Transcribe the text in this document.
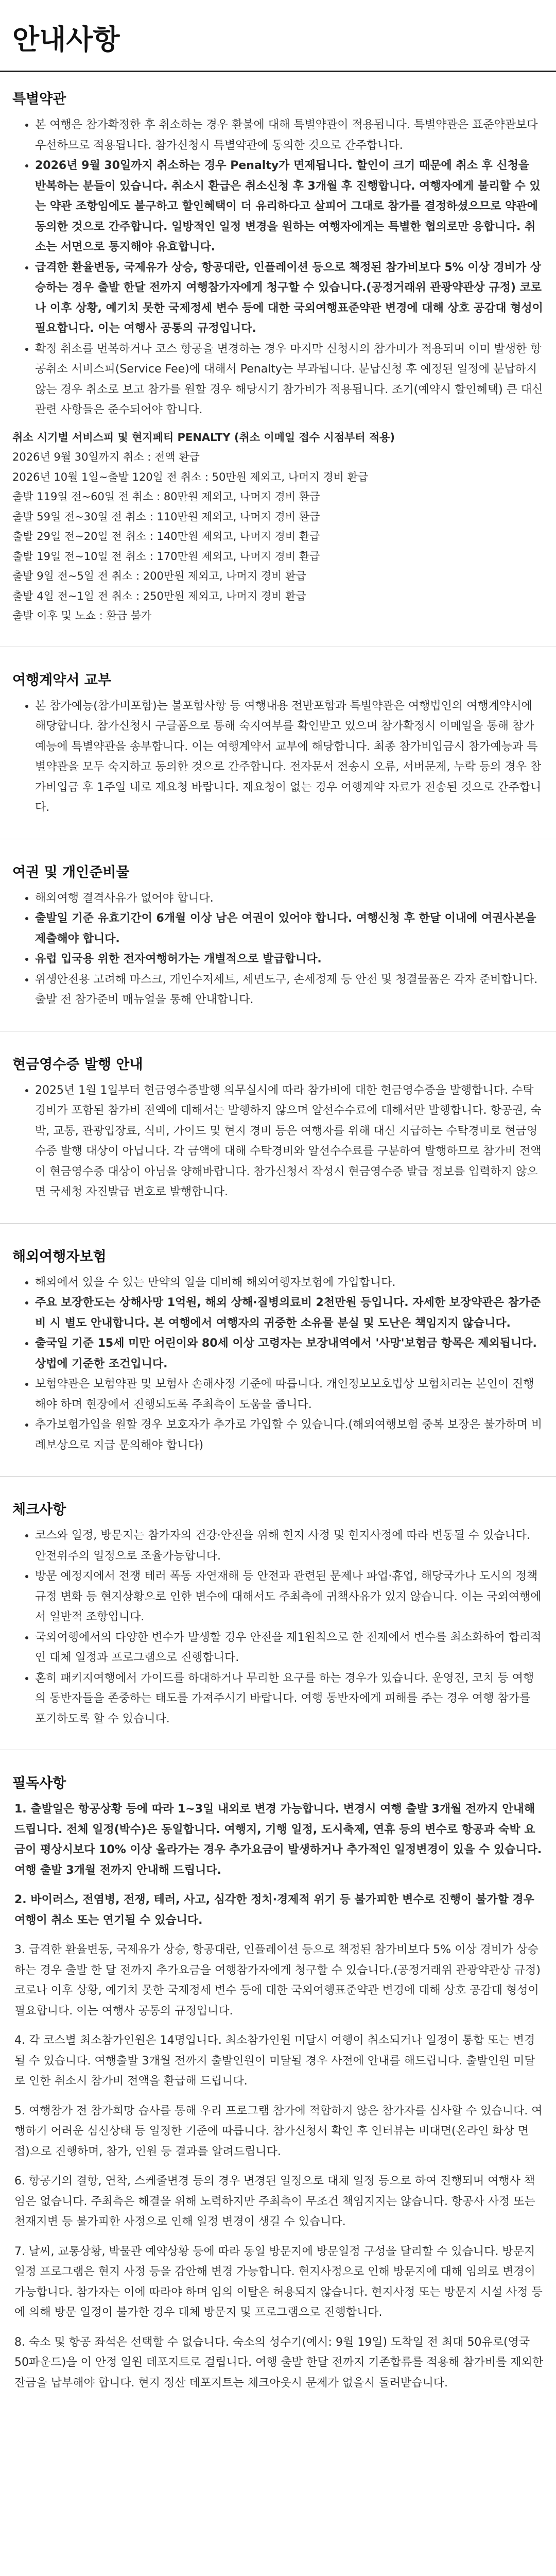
안내사항
특별약관
• 본 여행은 참가확정한 후 취소하는 경우 환불에 대해 특별약관이 적용됩니다. 특별약관은 표준약관보다 우선하므로 적용됩니다. 참가신청시 특별약관에 동의한 것으로 간주합니다.
• 2026년 9월 30일까지 취소하는 경우 Penalty가 면제됩니다. 할인이 크기 때문에 취소 후 신청을 반복하는 분들이 있습니다. 취소시 환급은 취소신청 후 3개월 후 진행합니다. 여행자에게 불리할 수 있는 약관 조항임에도 불구하고 할인혜택이 더 유리하다고 살피어 그대로 참가를 결정하셨으므로 약관에 동의한 것으로 간주합니다. 일방적인 일정 변경을 원하는 여행자에게는 특별한 협의로만 응합니다. 취소는 서면으로 통지해야 유효합니다.
• 급격한 환율변동, 국제유가 상승, 항공대란, 인플레이션 등으로 책정된 참가비보다 5% 이상 경비가 상승하는 경우 출발 한달 전까지 여행참가자에게 청구할 수 있습니다.(공정거래위 관광약관상 규정) 코로나 이후 상황, 예기치 못한 국제정세 변수 등에 대한 국외여행표준약관 변경에 대해 상호 공감대 형성이 필요합니다. 이는 여행사 공통의 규정입니다.
• 확정 취소를 번복하거나 코스 항공을 변경하는 경우 마지막 신청시의 참가비가 적용되며 이미 발생한 항공취소 서비스피(Service Fee)에 대해서 Penalty는 부과됩니다. 분납신청 후 예정된 일정에 분납하지 않는 경우 취소로 보고 참가를 원할 경우 해당시기 참가비가 적용됩니다. 조기(예약시 할인혜택) 큰 대신 관련 사항들은 준수되어야 합니다.
취소 시기별 서비스피 및 현지페티 PENALTY (취소 이메일 접수 시점부터 적용)
2026년 9월 30일까지 취소 : 전액 환급
2026년 10월 1일~출발 120일 전 취소 : 50만원 제외고, 나머지 경비 환급
출발 119일 전~60일 전 취소 : 80만원 제외고, 나머지 경비 환급
출발 59일 전~30일 전 취소 : 110만원 제외고, 나머지 경비 환급
출발 29일 전~20일 전 취소 : 140만원 제외고, 나머지 경비 환급
출발 19일 전~10일 전 취소 : 170만원 제외고, 나머지 경비 환급
출발 9일 전~5일 전 취소 : 200만원 제외고, 나머지 경비 환급
출발 4일 전~1일 전 취소 : 250만원 제외고, 나머지 경비 환급
출발 이후 및 노쇼 : 환급 불가
여행계약서 교부
• 본 참가예능(참가비포함)는 불포함사항 등 여행내용 전반포함과 특별약관은 여행법인의 여행계약서에 해당합니다. 참가신청시 구글폼으로 통해 숙지여부를 확인받고 있으며 참가확정시 이메일을 통해 참가예능에 특별약관을 송부합니다. 이는 여행계약서 교부에 해당합니다. 최종 참가비입금시 참가예능과 특별약관을 모두 숙지하고 동의한 것으로 간주합니다. 전자문서 전송시 오류, 서버문제, 누락 등의 경우 참가비입금 후 1주일 내로 재요청 바랍니다. 재요청이 없는 경우 여행계약 자료가 전송된 것으로 간주합니다.
여권 및 개인준비물
• 해외여행 결격사유가 없어야 합니다.
• 출발일 기준 유효기간이 6개월 이상 남은 여권이 있어야 합니다. 여행신청 후 한달 이내에 여권사본을 제출해야 합니다.
• 유럽 입국용 위한 전자여행허가는 개별적으로 발급합니다.
• 위생안전용 고려해 마스크, 개인수저세트, 세면도구, 손세정제 등 안전 및 청결물품은 각자 준비합니다. 출발 전 참가준비 매뉴얼을 통해 안내합니다.
현금영수증 발행 안내
• 2025년 1월 1일부터 현금영수증발행 의무실시에 따라 참가비에 대한 현금영수증을 발행합니다. 수탁경비가 포함된 참가비 전액에 대해서는 발행하지 않으며 알선수수료에 대해서만 발행합니다. 항공권, 숙박, 교통, 관광입장료, 식비, 가이드 및 현지 경비 등은 여행자를 위해 대신 지급하는 수탁경비로 현금영수증 발행 대상이 아닙니다. 각 금액에 대해 수탁경비와 알선수수료를 구분하여 발행하므로 참가비 전액이 현금영수증 대상이 아님을 양해바랍니다. 참가신청서 작성시 현금영수증 발급 정보를 입력하지 않으면 국세청 자진발급 번호로 발행합니다.
해외여행자보험
• 해외에서 있을 수 있는 만약의 일을 대비해 해외여행자보험에 가입합니다.
• 주요 보장한도는 상해사망 1억원, 해외 상해·질병의료비 2천만원 등입니다. 자세한 보장약관은 참가준비 시 별도 안내합니다. 본 여행에서 여행자의 귀중한 소유물 분실 및 도난은 책임지지 않습니다.
• 출국일 기준 15세 미만 어린이와 80세 이상 고령자는 보장내역에서 '사망'보험금 항목은 제외됩니다. 상법에 기준한 조건입니다.
• 보험약관은 보험약관 및 보험사 손해사정 기준에 따릅니다. 개인정보보호법상 보험처리는 본인이 진행해야 하며 현장에서 진행되도록 주최측이 도움을 줍니다.
• 추가보험가입을 원할 경우 보호자가 추가로 가입할 수 있습니다.(해외여행보험 중복 보장은 불가하며 비례보상으로 지급 문의해야 합니다)
체크사항
• 코스와 일정, 방문지는 참가자의 건강·안전을 위해 현지 사정 및 현지사정에 따라 변동될 수 있습니다. 안전위주의 일정으로 조율가능합니다.
• 방문 예정지에서 전쟁 테러 폭동 자연재해 등 안전과 관련된 문제나 파업·휴업, 해당국가나 도시의 정책 규정 변화 등 현지상황으로 인한 변수에 대해서도 주최측에 귀책사유가 있지 않습니다. 이는 국외여행에서 일반적 조항입니다.
• 국외여행에서의 다양한 변수가 발생할 경우 안전을 제1원칙으로 한 전제에서 변수를 최소화하여 합리적인 대체 일정과 프로그램으로 진행합니다.
• 혼히 패키지여행에서 가이드를 하대하거나 무리한 요구를 하는 경우가 있습니다. 운영진, 코치 등 여행의 동반자들을 존중하는 태도를 가져주시기 바랍니다. 여행 동반자에게 피해를 주는 경우 여행 참가를 포기하도록 할 수 있습니다.
필독사항
1. 출발일은 항공상황 등에 따라 1~3일 내외로 변경 가능합니다. 변경시 여행 출발 3개월 전까지 안내해 드립니다. 전체 일정(박수)은 동일합니다. 여행지, 기행 일정, 도시축제, 연휴 등의 변수로 항공과 숙박 요금이 평상시보다 10% 이상 올라가는 경우 추가요금이 발생하거나 추가적인 일정변경이 있을 수 있습니다. 여행 출발 3개월 전까지 안내해 드립니다.
2. 바이러스, 전염병, 전쟁, 테러, 사고, 심각한 정치·경제적 위기 등 불가피한 변수로 진행이 불가할 경우 여행이 취소 또는 연기될 수 있습니다.
3. 급격한 환율변동, 국제유가 상승, 항공대란, 인플레이션 등으로 책정된 참가비보다 5% 이상 경비가 상승하는 경우 출발 한 달 전까지 추가요금을 여행참가자에게 청구할 수 있습니다.(공정거래위 관광약관상 규정) 코로나 이후 상황, 예기치 못한 국제정세 변수 등에 대한 국외여행표준약관 변경에 대해 상호 공감대 형성이 필요합니다. 이는 여행사 공통의 규정입니다.
4. 각 코스별 최소참가인원은 14명입니다. 최소참가인원 미달시 여행이 취소되거나 일정이 통합 또는 변경될 수 있습니다. 여행출발 3개월 전까지 출발인원이 미달될 경우 사전에 안내를 해드립니다. 출발인원 미달로 인한 취소시 참가비 전액을 환급해 드립니다.
5. 여행참가 전 참가희망 습사를 통해 우리 프로그램 참가에 적합하지 않은 참가자를 심사할 수 있습니다. 여행하기 어려운 심신상태 등 일정한 기준에 따릅니다. 참가신청서 확인 후 인터뷰는 비대면(온라인 화상 면접)으로 진행하며, 참가, 인원 등 결과를 알려드립니다.
6. 항공기의 결항, 연착, 스케줄변경 등의 경우 변경된 일정으로 대체 일정 등으로 하여 진행되며 여행사 책임은 없습니다. 주최측은 해결을 위해 노력하지만 주최측이 무조건 책임지지는 않습니다. 항공사 사정 또는 천재지변 등 불가피한 사정으로 인해 일정 변경이 생길 수 있습니다.
7. 날씨, 교통상황, 박물관 예약상황 등에 따라 동일 방문지에 방문일정 구성을 달리할 수 있습니다. 방문지 일정 프로그램은 현지 사정 등을 감안해 변경 가능합니다. 현지사정으로 인해 방문지에 대해 임의로 변경이 가능합니다. 참가자는 이에 따라야 하며 임의 이탈은 허용되지 않습니다. 현지사정 또는 방문지 시설 사정 등에 의해 방문 일정이 불가한 경우 대체 방문지 및 프로그램으로 진행합니다.
8. 숙소 및 항공 좌석은 선택할 수 없습니다. 숙소의 성수기(예시: 9월 19일) 도착일 전 최대 50유로(영국 50파운드)을 이 안정 일원 데포지트로 걸립니다. 여행 출발 한달 전까지 기존합류를 적용해 참가비를 제외한 잔금을 납부해야 합니다. 현지 정산 데포지트는 체크아웃시 문제가 없을시 돌려받습니다.
